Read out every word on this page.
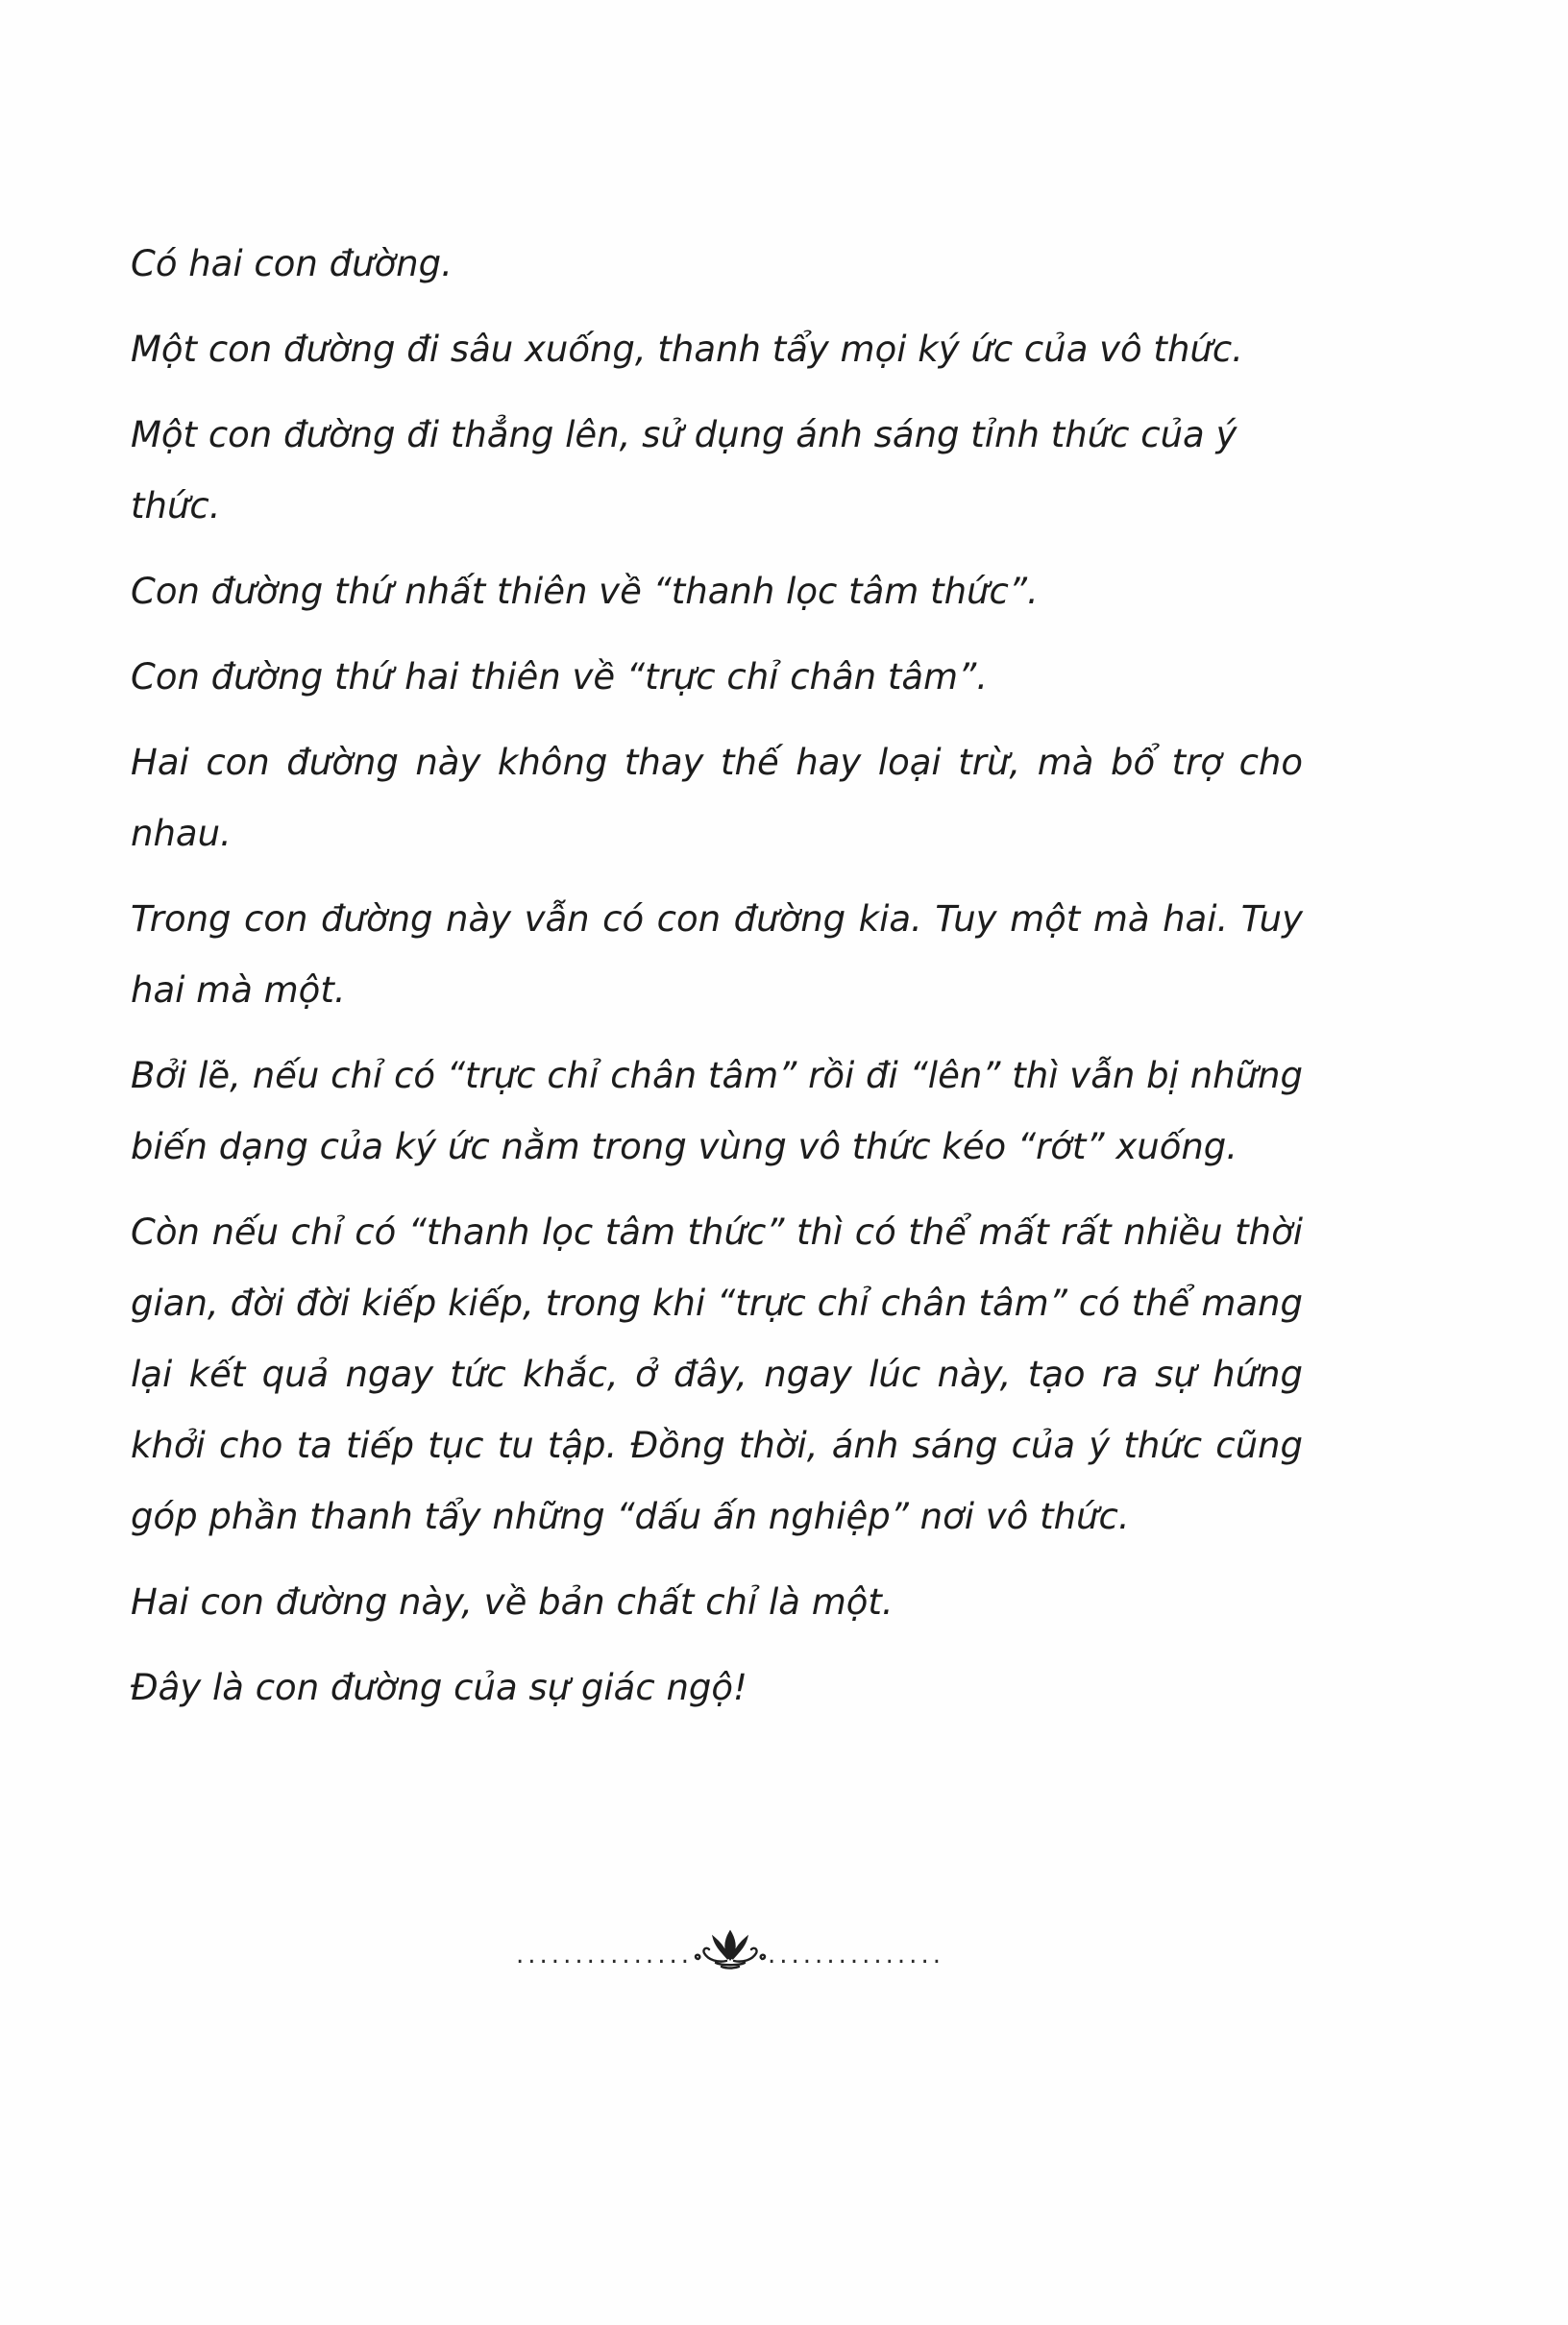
Có hai con đường.

Một con đường đi sâu xuống, thanh tẩy mọi ký ức của vô thức.

Một con đường đi thẳng lên, sử dụng ánh sáng tỉnh thức của ý thức.

Con đường thứ nhất thiên về “thanh lọc tâm thức”.

Con đường thứ hai thiên về “trực chỉ chân tâm”.

Hai con đường này không thay thế hay loại trừ, mà bổ trợ cho nhau.

Trong con đường này vẫn có con đường kia. Tuy một mà hai. Tuy hai mà một.

Bởi lẽ, nếu chỉ có “trực chỉ chân tâm” rồi đi “lên” thì vẫn bị những biến dạng của ký ức nằm trong vùng vô thức kéo “rớt” xuống.

Còn nếu chỉ có “thanh lọc tâm thức” thì có thể mất rất nhiều thời gian, đời đời kiếp kiếp, trong khi “trực chỉ chân tâm” có thể mang lại kết quả ngay tức khắc, ở đây, ngay lúc này, tạo ra sự hứng khởi cho ta tiếp tục tu tập. Đồng thời, ánh sáng của ý thức cũng góp phần thanh tẩy những “dấu ấn nghiệp” nơi vô thức.

Hai con đường này, về bản chất chỉ là một.

Đây là con đường của sự giác ngộ!

...............	...............
